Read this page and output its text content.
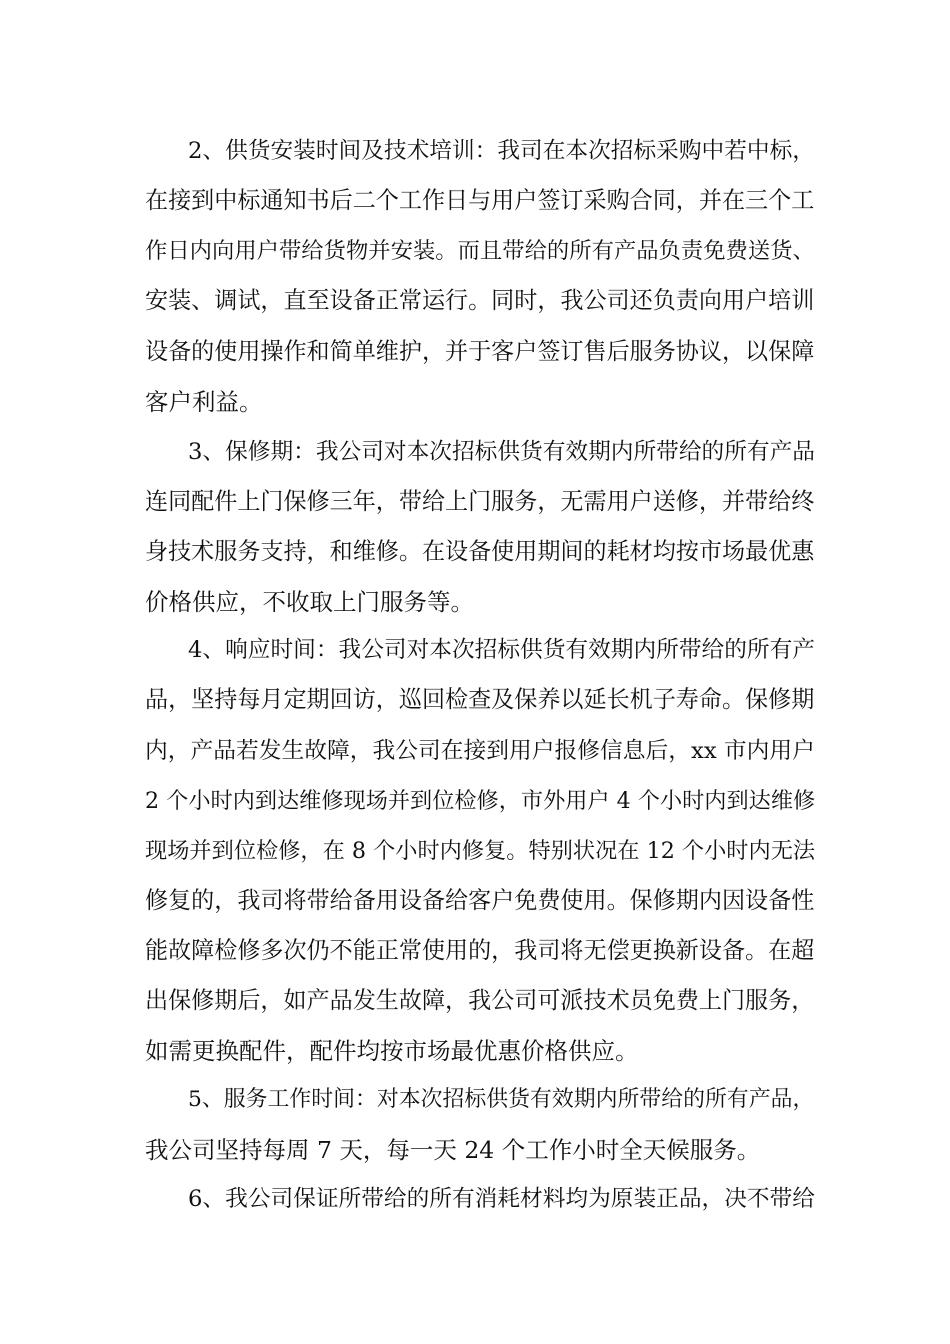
2、供货安装时间及技术培训：我司在本次招标采购中若中标，
在接到中标通知书后二个工作日与用户签订采购合同，并在三个工
作日内向用户带给货物并安装。而且带给的所有产品负责免费送货、
安装、调试，直至设备正常运行。同时，我公司还负责向用户培训
设备的使用操作和简单维护，并于客户签订售后服务协议，以保障
客户利益。
3、保修期：我公司对本次招标供货有效期内所带给的所有产品
连同配件上门保修三年，带给上门服务，无需用户送修，并带给终
身技术服务支持，和维修。在设备使用期间的耗材均按市场最优惠
价格供应，不收取上门服务等。
4、响应时间：我公司对本次招标供货有效期内所带给的所有产
品，坚持每月定期回访，巡回检查及保养以延长机子寿命。保修期
内，产品若发生故障，我公司在接到用户报修信息后，xx 市内用户
2 个小时内到达维修现场并到位检修，市外用户 4 个小时内到达维修
现场并到位检修，在 8 个小时内修复。特别状况在 12 个小时内无法
修复的，我司将带给备用设备给客户免费使用。保修期内因设备性
能故障检修多次仍不能正常使用的，我司将无偿更换新设备。在超
出保修期后，如产品发生故障，我公司可派技术员免费上门服务，
如需更换配件，配件均按市场最优惠价格供应。
5、服务工作时间：对本次招标供货有效期内所带给的所有产品，
我公司坚持每周 7 天，每一天 24 个工作小时全天候服务。
6、我公司保证所带给的所有消耗材料均为原装正品，决不带给
